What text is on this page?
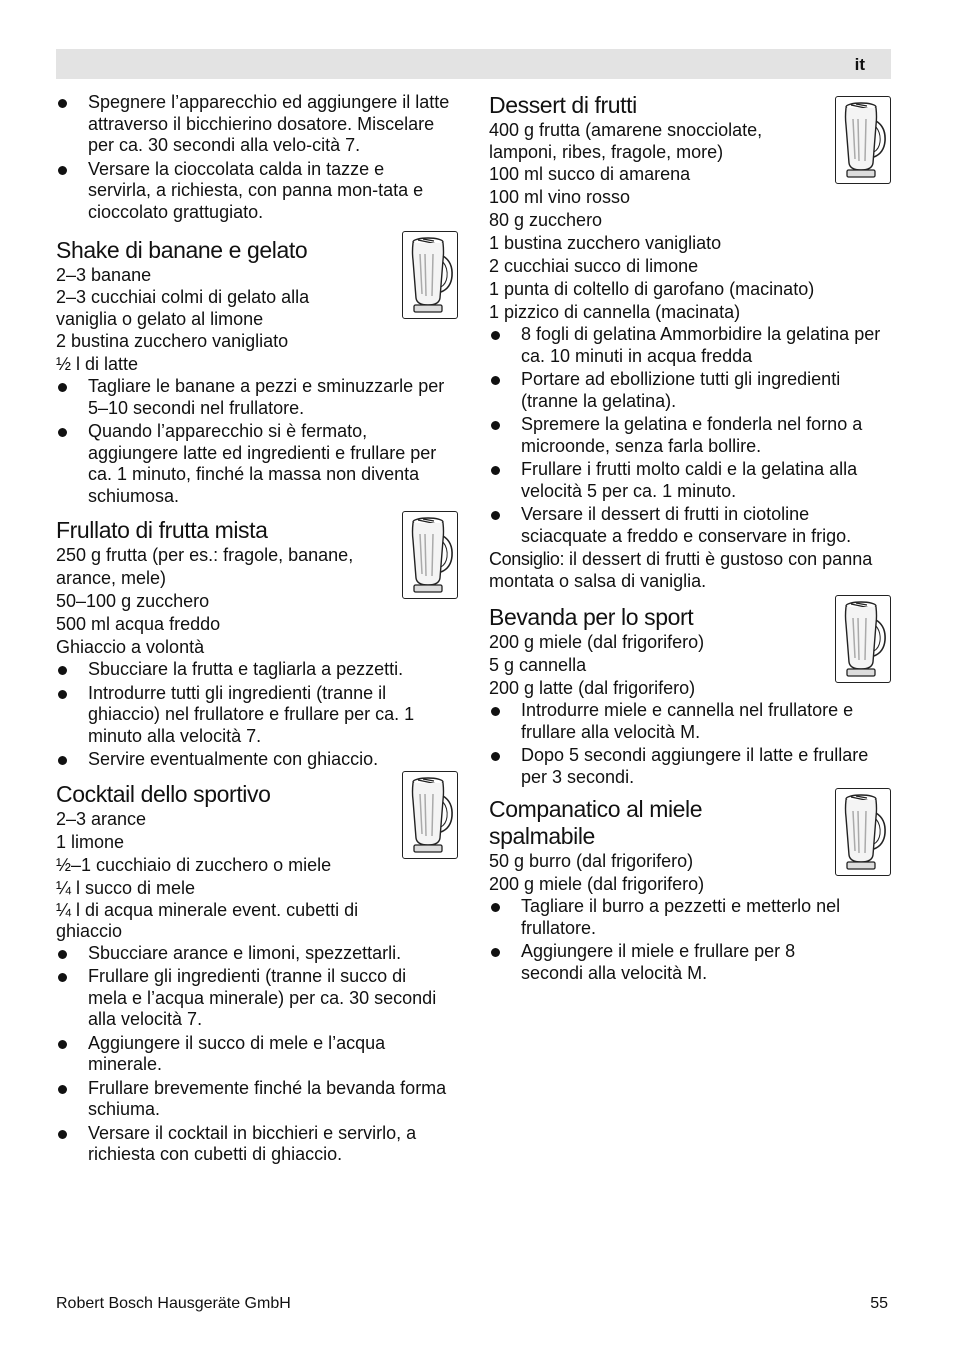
it
Spegnere l’apparecchio ed aggiungere il latte attraverso il bicchierino dosatore. Miscelare per ca. 30 secondi alla velo-cità 7.
Versare la cioccolata calda in tazze e servirla, a richiesta, con panna mon-tata e cioccolato grattugiato.
Shake di banane e gelato
2–3 banane
2–3 cucchiai colmi di gelato alla vaniglia o gelato al limone
2 bustina zucchero vanigliato
½ l di latte
Tagliare le banane a pezzi e sminuzzarle per 5–10 secondi nel frullatore.
Quando l’apparecchio si è fermato, aggiungere latte ed ingredienti e frullare per ca. 1 minuto, finché la massa non diventa schiumosa.
Frullato di frutta mista
250 g frutta (per es.: fragole, banane, arance, mele)
50–100 g zucchero
500 ml acqua freddo
Ghiaccio a volontà
Sbucciare la frutta e tagliarla a pezzetti.
Introdurre tutti gli ingredienti (tranne il ghiaccio) nel frullatore e frullare per ca. 1 minuto alla velocità 7.
Servire eventualmente con ghiaccio.
Cocktail dello sportivo
2–3 arance
1 limone
½–1 cucchiaio di zucchero o miele
¼ l succo di mele
¼ l di acqua minerale event. cubetti di ghiaccio
Sbucciare arance e limoni, spezzettarli.
Frullare gli ingredienti (tranne il succo di mela e l’acqua minerale) per ca. 30 secondi alla velocità 7.
Aggiungere il succo di mele e l’acqua minerale.
Frullare brevemente finché la bevanda forma schiuma.
Versare il cocktail in bicchieri e servirlo, a richiesta con cubetti di ghiaccio.
Dessert di frutti
400 g frutta (amarene snocciolate, lamponi, ribes, fragole, more)
100 ml succo di amarena
100 ml vino rosso
80 g zucchero
1 bustina zucchero vanigliato
2 cucchiai succo di limone
1 punta di coltello di garofano (macinato)
1 pizzico di cannella (macinata)
8 fogli di gelatina Ammorbidire la gelatina per ca. 10 minuti in acqua fredda
Portare ad ebollizione tutti gli ingredienti (tranne la gelatina).
Spremere la gelatina e fonderla nel forno a microonde, senza farla bollire.
Frullare i frutti molto caldi e la gelatina alla velocità 5 per ca. 1 minuto.
Versare il dessert di frutti in ciotoline sciacquate a freddo e conservare in frigo.
Consiglio: il dessert di frutti è gustoso con panna montata o salsa di vaniglia.
Bevanda per lo sport
200 g miele (dal frigorifero)
5 g cannella
200 g latte (dal frigorifero)
Introdurre miele e cannella nel frullatore e frullare alla velocità M.
Dopo 5 secondi aggiungere il latte e frullare per 3 secondi.
Companatico al miele spalmabile
50 g burro (dal frigorifero)
200 g miele (dal frigorifero)
Tagliare il burro a pezzetti e metterlo nel frullatore.
Aggiungere il miele e frullare per 8 secondi alla velocità M.
Robert Bosch Hausgeräte GmbH	55
